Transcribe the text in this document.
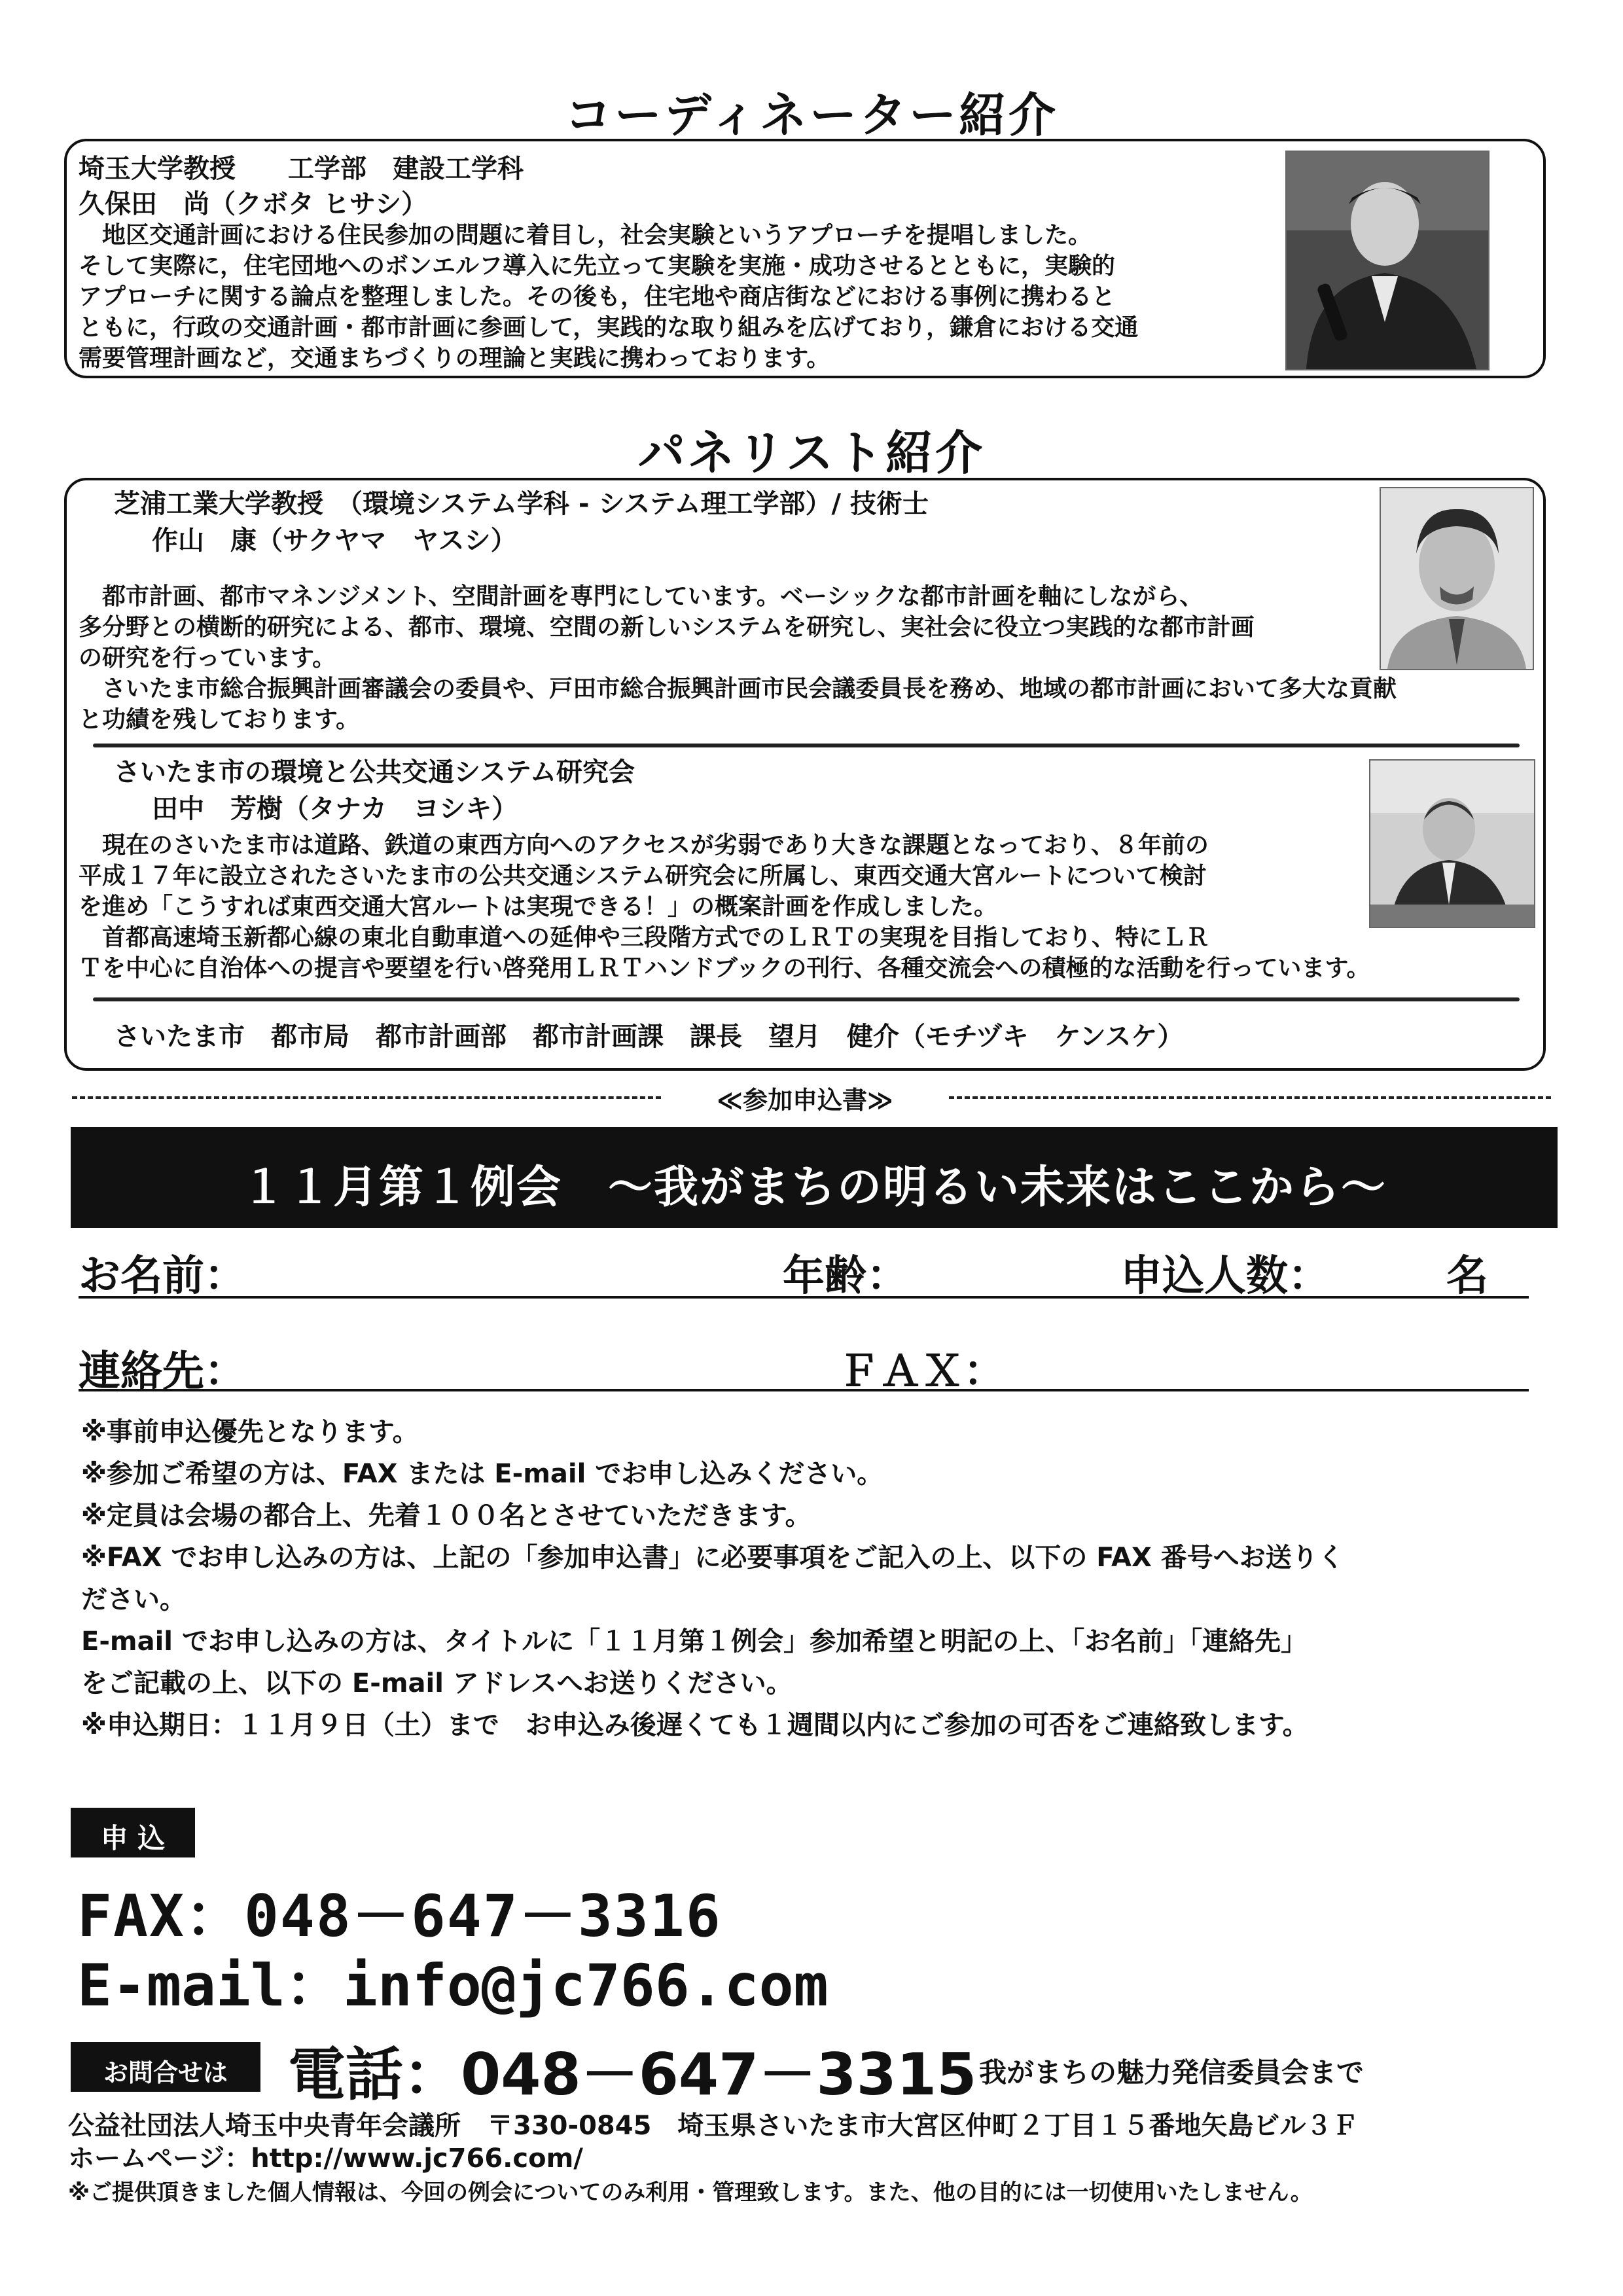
コーディネーター紹介
埼玉大学教授　　工学部　建設工学科
久保田　尚（クボタ ヒサシ）

　地区交通計画における住民参加の問題に着目し，社会実験というアプローチを提唱しました。

そして実際に，住宅団地へのボンエルフ導入に先立って実験を実施・成功させるとともに，実験的

アプローチに関する論点を整理しました。その後も，住宅地や商店街などにおける事例に携わると

ともに，行政の交通計画・都市計画に参画して，実践的な取り組みを広げており，鎌倉における交通

需要管理計画など，交通まちづくりの理論と実践に携わっております。

パネリスト紹介
芝浦工業大学教授　（環境システム学科 - システム理工学部）/ 技術士
作山　康（サクヤマ　ヤスシ）

　都市計画、都市マネンジメント、空間計画を専門にしています。ベーシックな都市計画を軸にしながら、

多分野との横断的研究による、都市、環境、空間の新しいシステムを研究し、実社会に役立つ実践的な都市計画

の研究を行っています。

　さいたま市総合振興計画審議会の委員や、戸田市総合振興計画市民会議委員長を務め、地域の都市計画において多大な貢献

と功績を残しております。

さいたま市の環境と公共交通システム研究会
田中　芳樹（タナカ　ヨシキ）

　現在のさいたま市は道路、鉄道の東西方向へのアクセスが劣弱であり大きな課題となっており、８年前の

平成１７年に設立されたさいたま市の公共交通システム研究会に所属し、東西交通大宮ルートについて検討

を進め「こうすれば東西交通大宮ルートは実現できる！」の概案計画を作成しました。

　首都高速埼玉新都心線の東北自動車道への延伸や三段階方式でのＬＲＴの実現を目指しており、特にＬＲ

Ｔを中心に自治体への提言や要望を行い啓発用ＬＲＴハンドブックの刊行、各種交流会への積極的な活動を行っています。

さいたま市　都市局　都市計画部　都市計画課　課長　望月　健介（モチヅキ　ケンスケ）
≪参加申込書≫
１１月第１例会　～我がまちの明るい未来はここから～
お名前：	年齢：	申込人数：	名
連絡先：	ＦＡＸ：

※事前申込優先となります。

※参加ご希望の方は、FAX または E-mail でお申し込みください。

※定員は会場の都合上、先着１００名とさせていただきます。

※FAX でお申し込みの方は、上記の「参加申込書」に必要事項をご記入の上、以下の FAX 番号へお送りく

ださい。

E-mail でお申し込みの方は、タイトルに「１１月第１例会」参加希望と明記の上、「お名前」「連絡先」

をご記載の上、以下の E-mail アドレスへお送りください。

※申込期日：１１月９日（土）まで　お申込み後遅くても１週間以内にご参加の可否をご連絡致します。

申 込
FAX：048－647－3316
E-mail：info@jc766.com
お問合せは	電話：048－647－3315 我がまちの魅力発信委員会まで
公益社団法人埼玉中央青年会議所　〒330-0845　埼玉県さいたま市大宮区仲町２丁目１５番地矢島ビル３Ｆ
ホームページ：http://www.jc766.com/
※ご提供頂きました個人情報は、今回の例会についてのみ利用・管理致します。また、他の目的には一切使用いたしません。
